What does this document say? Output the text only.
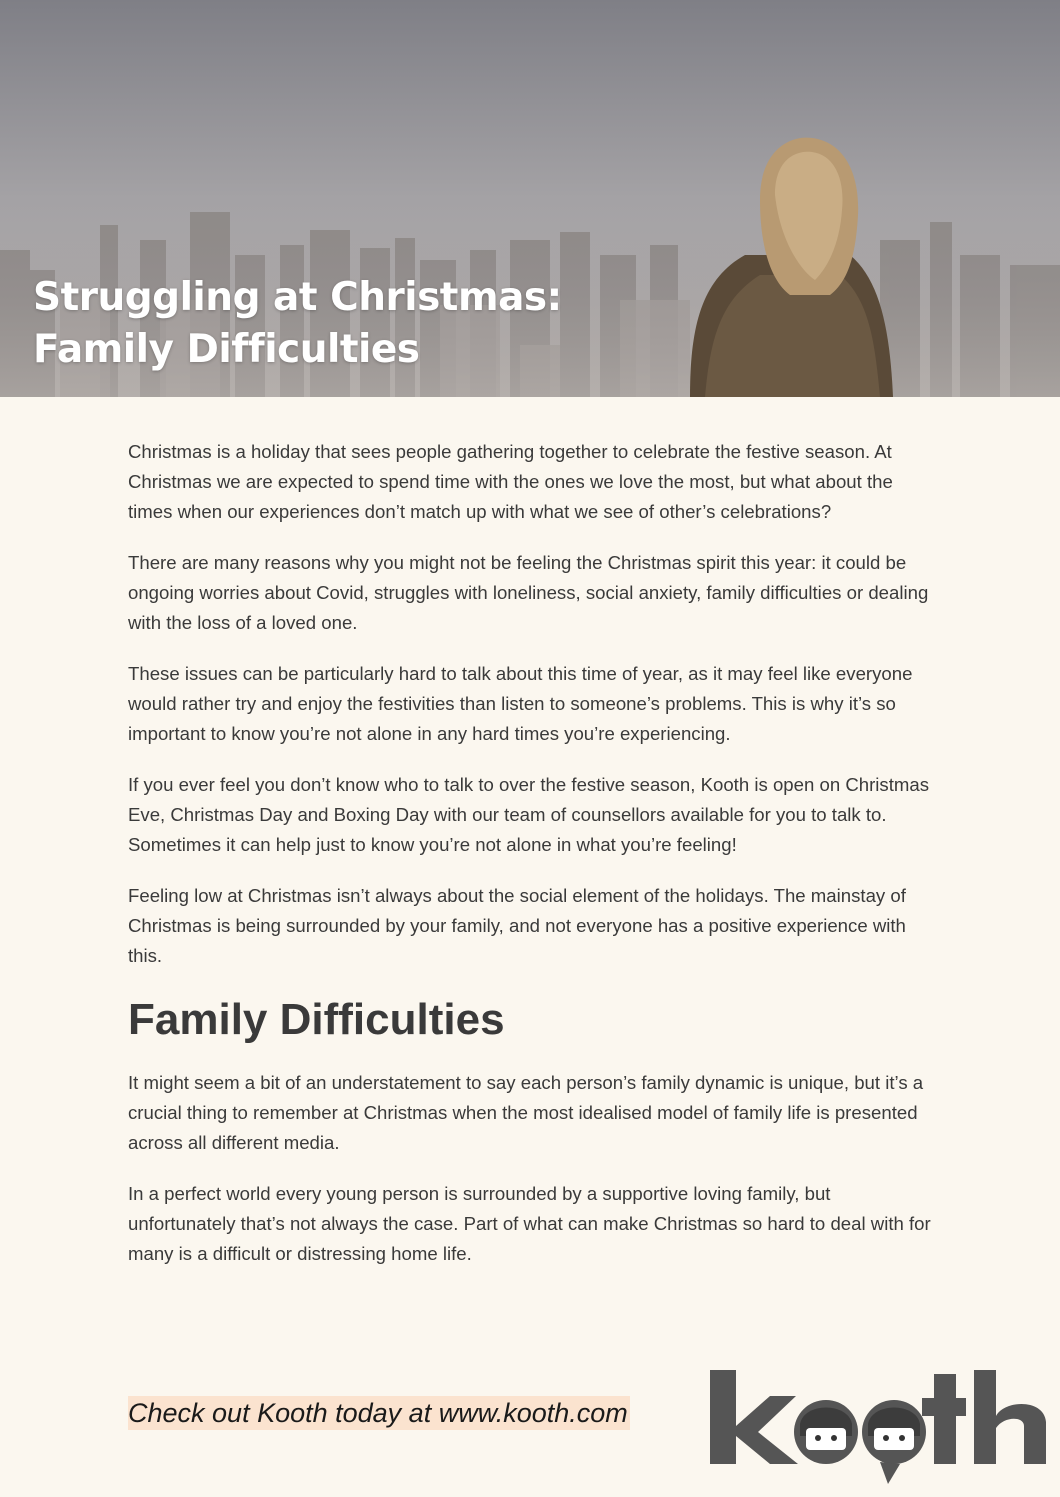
Struggling at Christmas:
Family Difficulties

Christmas is a holiday that sees people gathering together to celebrate the festive season. At Christmas we are expected to spend time with the ones we love the most, but what about the times when our experiences don’t match up with what we see of other’s celebrations?

There are many reasons why you might not be feeling the Christmas spirit this year: it could be ongoing worries about Covid, struggles with loneliness, social anxiety, family difficulties or dealing with the loss of a loved one.

These issues can be particularly hard to talk about this time of year, as it may feel like everyone would rather try and enjoy the festivities than listen to someone’s problems. This is why it’s so important to know you’re not alone in any hard times you’re experiencing.

If you ever feel you don’t know who to talk to over the festive season, Kooth is open on Christmas Eve, Christmas Day and Boxing Day with our team of counsellors available for you to talk to. Sometimes it can help just to know you’re not alone in what you’re feeling!

Feeling low at Christmas isn’t always about the social element of the holidays. The mainstay of Christmas is being surrounded by your family, and not everyone has a positive experience with this.

Family Difficulties

It might seem a bit of an understatement to say each person’s family dynamic is unique, but it’s a crucial thing to remember at Christmas when the most idealised model of family life is presented across all different media.

In a perfect world every young person is surrounded by a supportive loving family, but unfortunately that’s not always the case. Part of what can make Christmas so hard to deal with for many is a difficult or distressing home life.

Check out Kooth today at www.kooth.com
